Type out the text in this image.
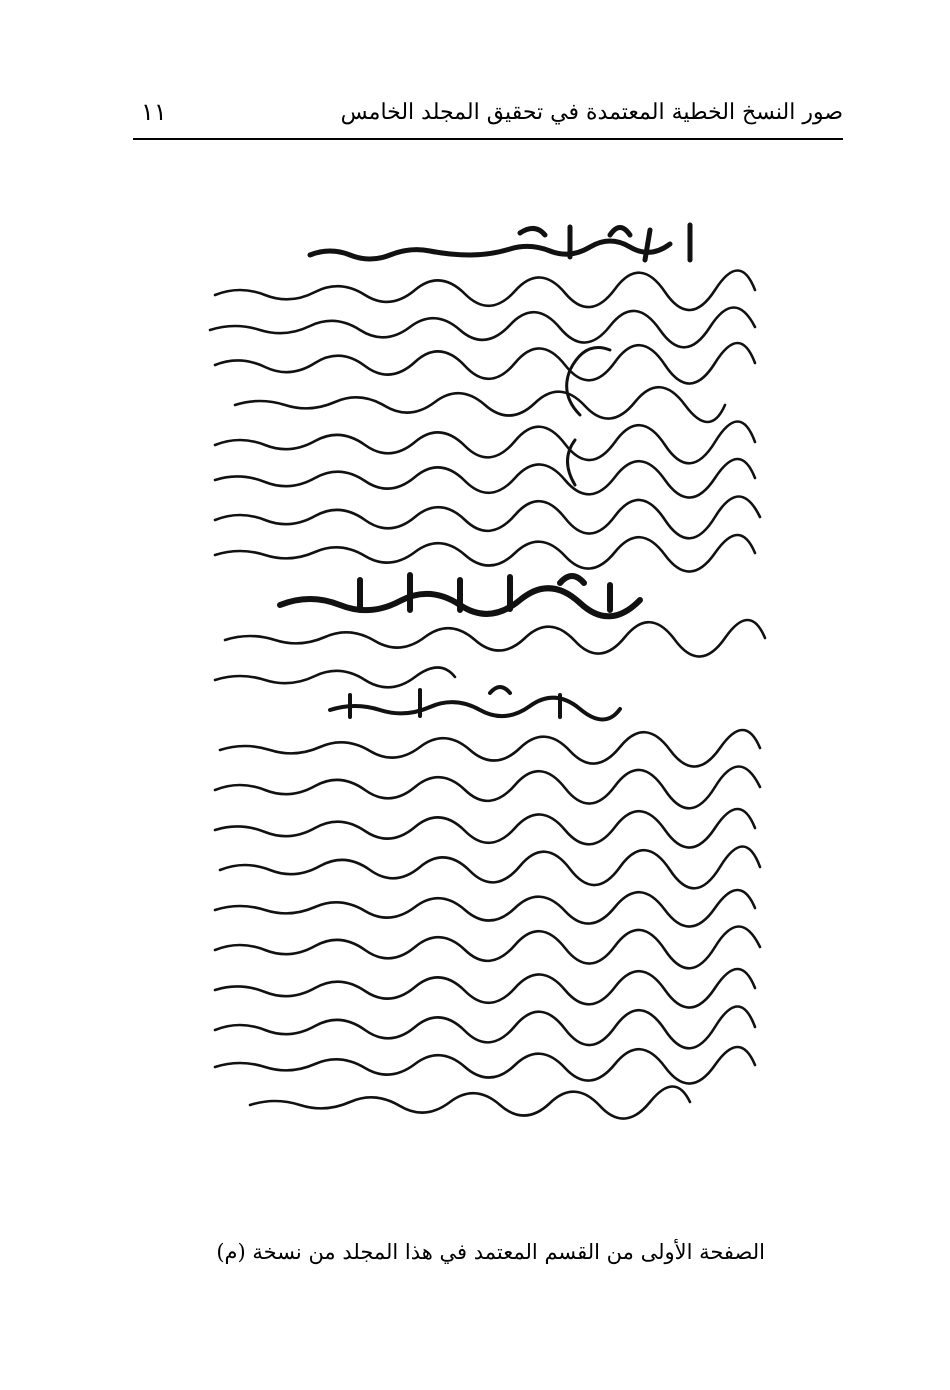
صور النسخ الخطية المعتمدة في تحقيق المجلد الخامس
١١
الصفحة الأولى من القسم المعتمد في هذا المجلد من نسخة (م)
